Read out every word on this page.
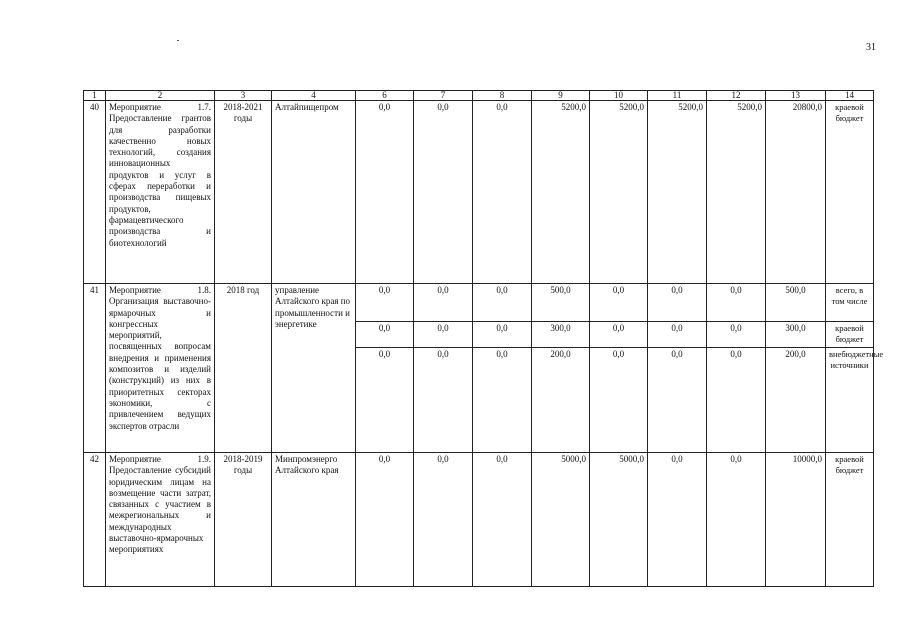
31
1	2	3	4	6	7	8	9	10	11	12	13	14
40	Мероприятие 1.7. Предоставление грантов для разработки качественно новых технологий, создания инновационных продуктов и услуг в сферах переработки и производства пищевых продуктов, фармацевтического производства и биотехнологий	2018-2021 годы	Алтайпищепром	0,0	0,0	0,0	5200,0	5200,0	5200,0	5200,0	20800,0	краевой бюджет
41	Мероприятие 1.8. Организация выставочно-ярмарочных и конгрессных мероприятий, посвященных вопросам внедрения и применения композитов и изделий (конструкций) из них в приоритетных секторах экономики, с привлечением ведущих экспертов отрасли	2018 год	управление Алтайского края по промышленности и энергетике	0,0	0,0	0,0	500,0	0,0	0,0	0,0	500,0	всего, в том числе
				0,0	0,0	0,0	300,0	0,0	0,0	0,0	300,0	краевой бюджет
				0,0	0,0	0,0	200,0	0,0	0,0	0,0	200,0	внебюджетные источники
42	Мероприятие 1.9. Предоставление субсидий юридическим лицам на возмещение части затрат, связанных с участием в межрегиональных и международных выставочно-ярмарочных мероприятиях	2018-2019 годы	Минпромэнерго Алтайского края	0,0	0,0	0,0	5000,0	5000,0	0,0	0,0	10000,0	краевой бюджет
